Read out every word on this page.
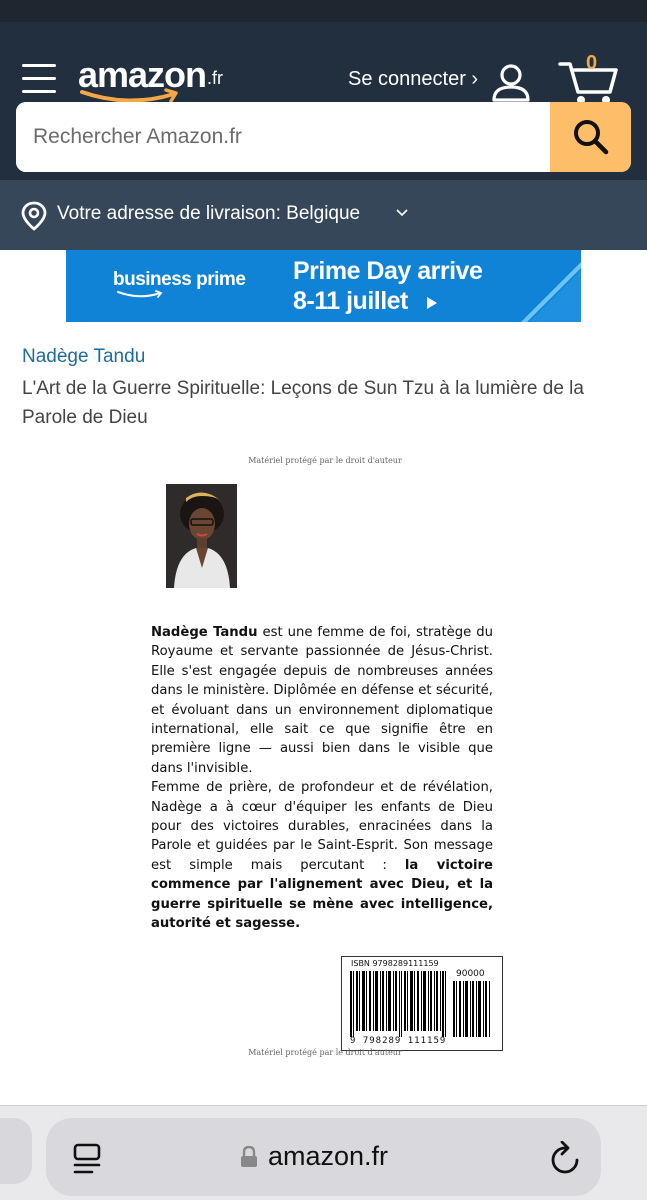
amazon .fr	Se connecter ›
0
Rechercher Amazon.fr
Votre adresse de livraison: Belgique
business prime Prime Day arrive
8-11 juillet
Nadège Tandu
L'Art de la Guerre Spirituelle: Leçons de Sun Tzu à la lumière de la Parole de Dieu
Matériel protégé par le droit d'auteur

Nadège Tandu est une femme de foi, stratège du Royaume et servante passionnée de Jésus-Christ. Elle s'est engagée depuis de nombreuses années dans le ministère. Diplômée en défense et sécurité, et évoluant dans un environnement diplomatique international, elle sait ce que signifie être en première ligne — aussi bien dans le visible que dans l'invisible.

Femme de prière, de profondeur et de révélation, Nadège a à cœur d'équiper les enfants de Dieu pour des victoires durables, enracinées dans la Parole et guidées par le Saint-Esprit. Son message est simple mais percutant : la victoire commence par l'alignement avec Dieu, et la guerre spirituelle se mène avec intelligence, autorité et sagesse.

ISBN 9798289111159
90000
9 798289 111159
Matériel protégé par le droit d'auteur
amazon.fr
